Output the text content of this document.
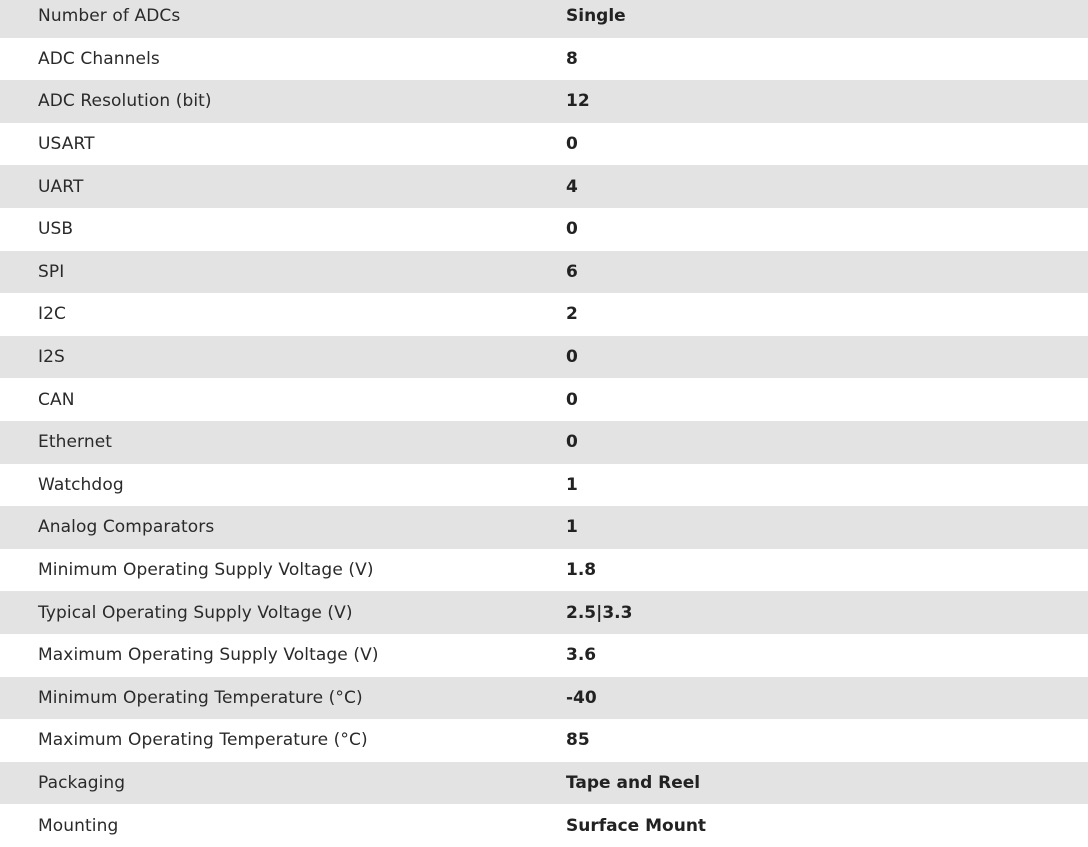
Number of ADCs	Single
ADC Channels	8
ADC Resolution (bit)	12
USART	0
UART	4
USB	0
SPI	6
I2C	2
I2S	0
CAN	0
Ethernet	0
Watchdog	1
Analog Comparators	1
Minimum Operating Supply Voltage (V)	1.8
Typical Operating Supply Voltage (V)	2.5|3.3
Maximum Operating Supply Voltage (V)	3.6
Minimum Operating Temperature (°C)	-40
Maximum Operating Temperature (°C)	85
Packaging	Tape and Reel
Mounting	Surface Mount
